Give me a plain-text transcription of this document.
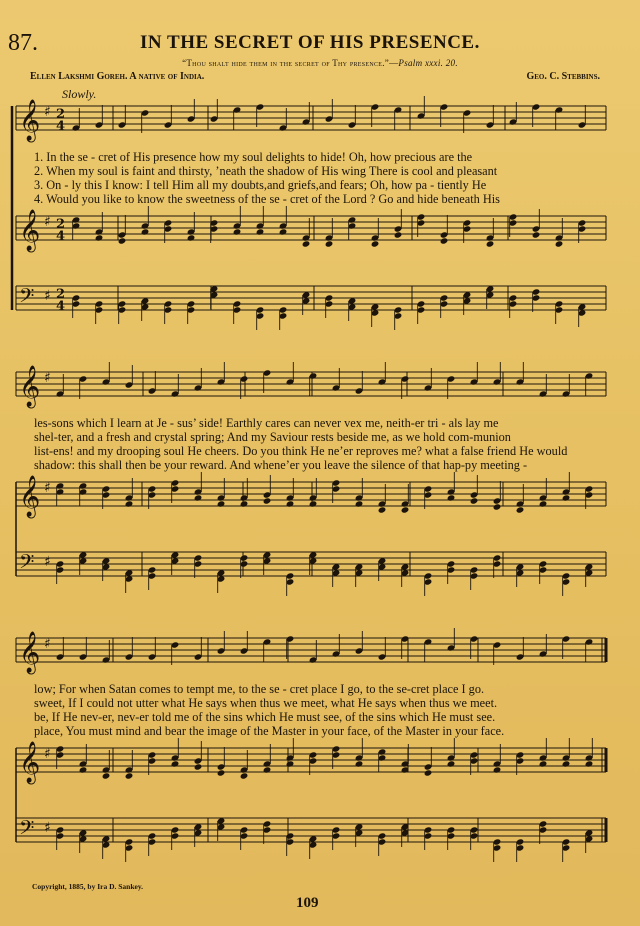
87.	IN THE SECRET OF HIS PRESENCE.
“Thou shalt hide them in the secret of Thy presence.”—Psalm xxxi. 20.
Ellen Lakshmi Goreh. A native of India.	Geo. C. Stebbins.
Slowly.
𝄞 ♯ 2
4
𝄞 ♯ 2
4
𝄢 ♯ 2
4
𝄞 ♯
𝄞 ♯
𝄢 ♯
𝄞 ♯
𝄞 ♯
𝄢 ♯
1. In the se - cret of His presence how my soul delights to hide! Oh, how precious are the
2. When my soul is faint and thirsty, ’neath the shadow of His wing There is cool and pleasant
3. On - ly this I know: I tell Him all my doubts,and griefs,and fears; Oh, how pa - tiently He
4. Would you like to know the sweetness of the se - cret of the Lord ? Go and hide beneath His
les-sons which I learn at Je - sus’ side! Earthly cares can never vex me, neith-er tri - als lay me
shel-ter, and a fresh and crystal spring; And my Saviour rests beside me, as we hold com-munion
list-ens! and my drooping soul He cheers. Do you think He ne’er reproves me? what a false friend He would
shadow: this shall then be your reward. And whene’er you leave the silence of that hap-py meeting -
low; For when Satan comes to tempt me, to the se - cret place I go, to the se-cret place I go.
sweet, If I could not utter what He says when thus we meet, what He says when thus we meet.
be, If He nev-er, nev-er told me of the sins which He must see, of the sins which He must see.
place, You must mind and bear the image of the Master in your face, of the Master in your face.
Copyright, 1885, by Ira D. Sankey.
109
